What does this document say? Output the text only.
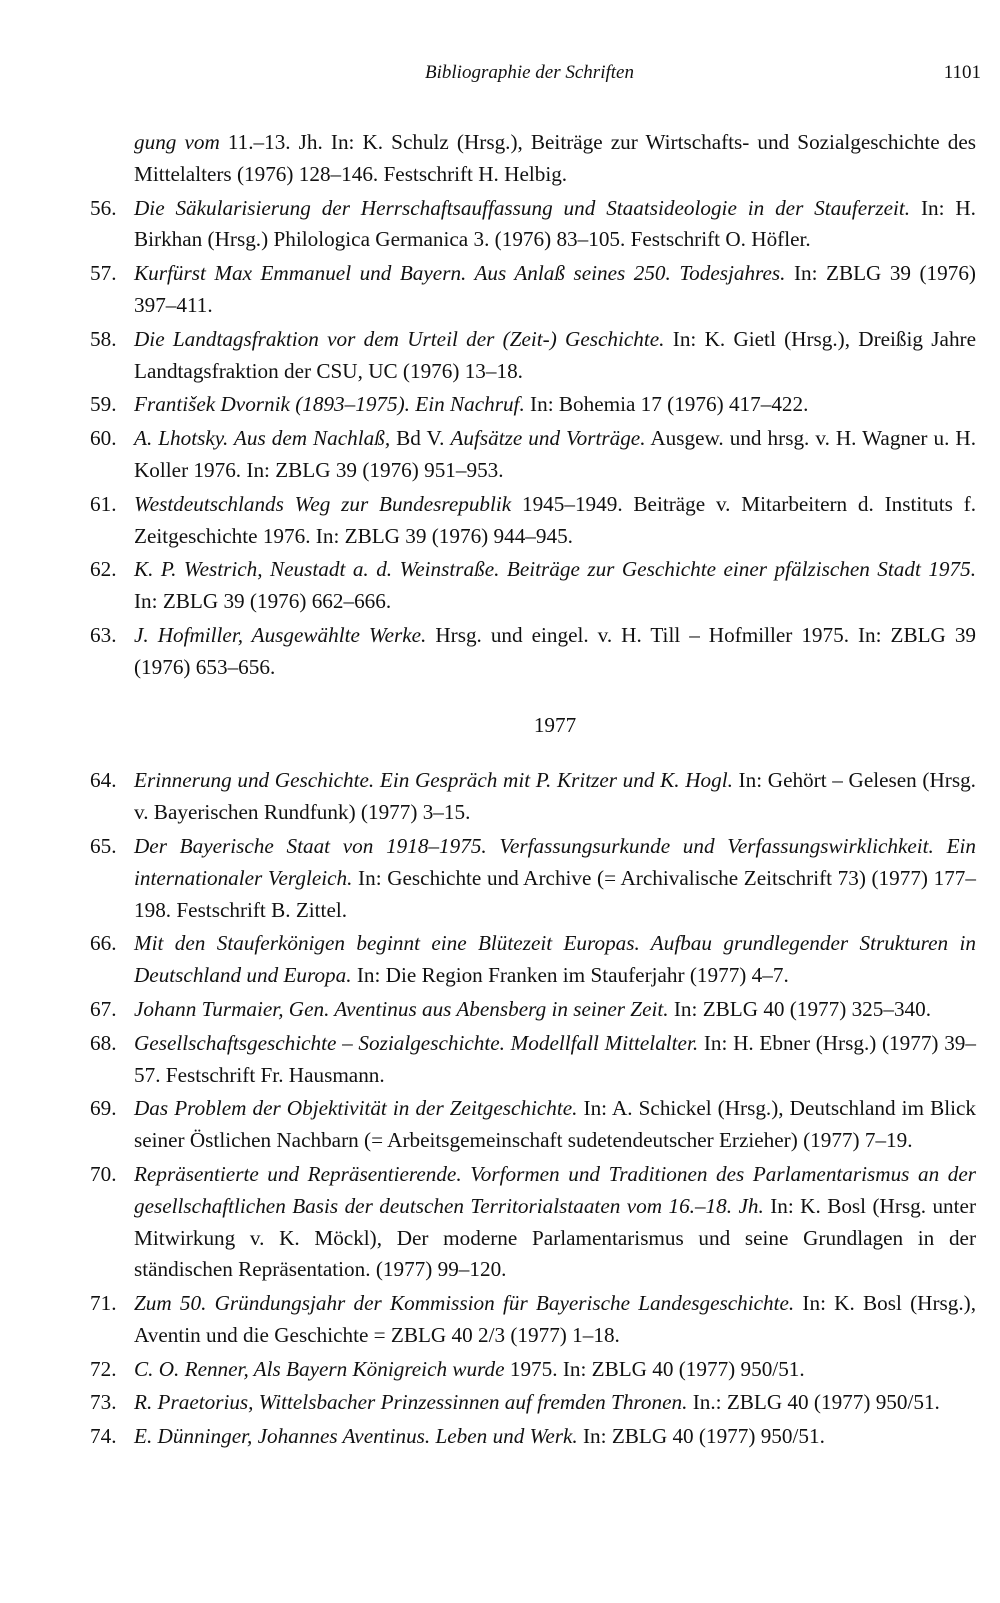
Bibliographie der Schriften	1101
gung vom 11.–13. Jh. In: K. Schulz (Hrsg.), Beiträge zur Wirtschafts- und Sozialgeschichte des Mittelalters (1976) 128–146. Festschrift H. Helbig.
56. Die Säkularisierung der Herrschaftsauffassung und Staatsideologie in der Stauferzeit. In: H. Birkhan (Hrsg.) Philologica Germanica 3. (1976) 83–105. Festschrift O. Höfler.
57. Kurfürst Max Emmanuel und Bayern. Aus Anlaß seines 250. Todesjahres. In: ZBLG 39 (1976) 397–411.
58. Die Landtagsfraktion vor dem Urteil der (Zeit-) Geschichte. In: K. Gietl (Hrsg.), Dreißig Jahre Landtagsfraktion der CSU, UC (1976) 13–18.
59. František Dvornik (1893–1975). Ein Nachruf. In: Bohemia 17 (1976) 417–422.
60. A. Lhotsky. Aus dem Nachlaß, Bd V. Aufsätze und Vorträge. Ausgew. und hrsg. v. H. Wagner u. H. Koller 1976. In: ZBLG 39 (1976) 951–953.
61. Westdeutschlands Weg zur Bundesrepublik 1945–1949. Beiträge v. Mitarbeitern d. Instituts f. Zeitgeschichte 1976. In: ZBLG 39 (1976) 944–945.
62. K. P. Westrich, Neustadt a. d. Weinstraße. Beiträge zur Geschichte einer pfälzischen Stadt 1975. In: ZBLG 39 (1976) 662–666.
63. J. Hofmiller, Ausgewählte Werke. Hrsg. und eingel. v. H. Till – Hofmiller 1975. In: ZBLG 39 (1976) 653–656.
1977
64. Erinnerung und Geschichte. Ein Gespräch mit P. Kritzer und K. Hogl. In: Gehört – Gelesen (Hrsg. v. Bayerischen Rundfunk) (1977) 3–15.
65. Der Bayerische Staat von 1918–1975. Verfassungsurkunde und Verfassungswirklichkeit. Ein internationaler Vergleich. In: Geschichte und Archive (= Archivalische Zeitschrift 73) (1977) 177–198. Festschrift B. Zittel.
66. Mit den Stauferkönigen beginnt eine Blütezeit Europas. Aufbau grundlegender Strukturen in Deutschland und Europa. In: Die Region Franken im Stauferjahr (1977) 4–7.
67. Johann Turmaier, Gen. Aventinus aus Abensberg in seiner Zeit. In: ZBLG 40 (1977) 325–340.
68. Gesellschaftsgeschichte – Sozialgeschichte. Modellfall Mittelalter. In: H. Ebner (Hrsg.) (1977) 39–57. Festschrift Fr. Hausmann.
69. Das Problem der Objektivität in der Zeitgeschichte. In: A. Schickel (Hrsg.), Deutschland im Blick seiner Östlichen Nachbarn (= Arbeitsgemeinschaft sudetendeutscher Erzieher) (1977) 7–19.
70. Repräsentierte und Repräsentierende. Vorformen und Traditionen des Parlamentarismus an der gesellschaftlichen Basis der deutschen Territorialstaaten vom 16.–18. Jh. In: K. Bosl (Hrsg. unter Mitwirkung v. K. Möckl), Der moderne Parlamentarismus und seine Grundlagen in der ständischen Repräsentation. (1977) 99–120.
71. Zum 50. Gründungsjahr der Kommission für Bayerische Landesgeschichte. In: K. Bosl (Hrsg.), Aventin und die Geschichte = ZBLG 40 2/3 (1977) 1–18.
72. C. O. Renner, Als Bayern Königreich wurde 1975. In: ZBLG 40 (1977) 950/51.
73. R. Praetorius, Wittelsbacher Prinzessinnen auf fremden Thronen. In.: ZBLG 40 (1977) 950/51.
74. E. Dünninger, Johannes Aventinus. Leben und Werk. In: ZBLG 40 (1977) 950/51.
